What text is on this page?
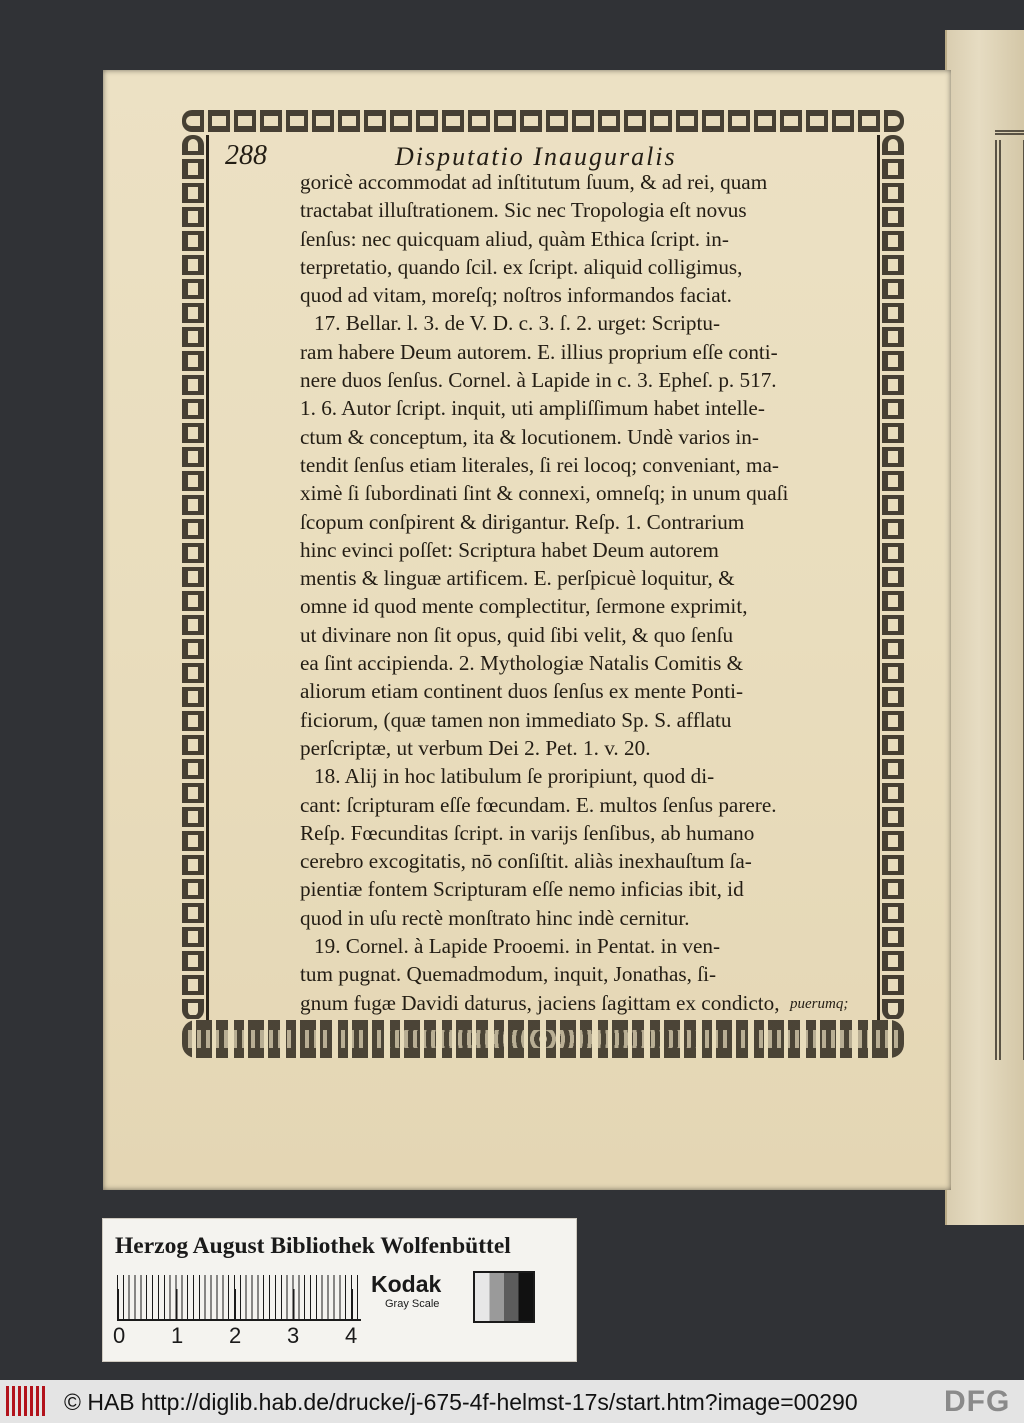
288	Disputatio Inauguralis
goricè accommodat ad inſtitutum ſuum, & ad rei, quam
tractabat illuſtrationem. Sic nec Tropologia eſt novus
ſenſus: nec quicquam aliud, quàm Ethica ſcript. in-
terpretatio, quando ſcil. ex ſcript. aliquid colligimus,
quod ad vitam, moreſq; noſtros informandos faciat.
17. Bellar. l. 3. de V. D. c. 3. ſ. 2. urget: Scriptu-
ram habere Deum autorem. E. illius proprium eſſe conti-
nere duos ſenſus. Cornel. à Lapide in c. 3. Epheſ. p. 517.
1. 6. Autor ſcript. inquit, uti ampliſſimum habet intelle-
ctum & conceptum, ita & locutionem. Undè varios in-
tendit ſenſus etiam literales, ſi rei locoq; conveniant, ma-
ximè ſi ſubordinati ſint & connexi, omneſq; in unum quaſi
ſcopum conſpirent & dirigantur. Reſp. 1. Contrarium
hinc evinci poſſet: Scriptura habet Deum autorem
mentis & linguæ artificem. E. perſpicuè loquitur, &
omne id quod mente complectitur, ſermone exprimit,
ut divinare non ſit opus, quid ſibi velit, & quo ſenſu
ea ſint accipienda. 2. Mythologiæ Natalis Comitis &
aliorum etiam continent duos ſenſus ex mente Ponti-
ficiorum, (quæ tamen non immediato Sp. S. afflatu
perſcriptæ, ut verbum Dei 2. Pet. 1. v. 20.
18. Alij in hoc latibulum ſe proripiunt, quod di-
cant: ſcripturam eſſe fœcundam. E. multos ſenſus parere.
Reſp. Fœcunditas ſcript. in varijs ſenſibus, ab humano
cerebro excogitatis, nō conſiſtit. aliàs inexhauſtum ſa-
pientiæ fontem Scripturam eſſe nemo inficias ibit, id
quod in uſu rectè monſtrato hinc indè cernitur.
19. Cornel. à Lapide Prooemi. in Pentat. in ven-
tum pugnat. Quemadmodum, inquit, Jonathas, ſi-
gnum fugæ Davidi daturus, jaciens ſagittam ex condicto, puerumq;
Herzog August Bibliothek Wolfenbüttel
0 1 2 3 4
Kodak
Gray Scale
© HAB http://diglib.hab.de/drucke/j-675-4f-helmst-17s/start.htm?image=00290	DFG
